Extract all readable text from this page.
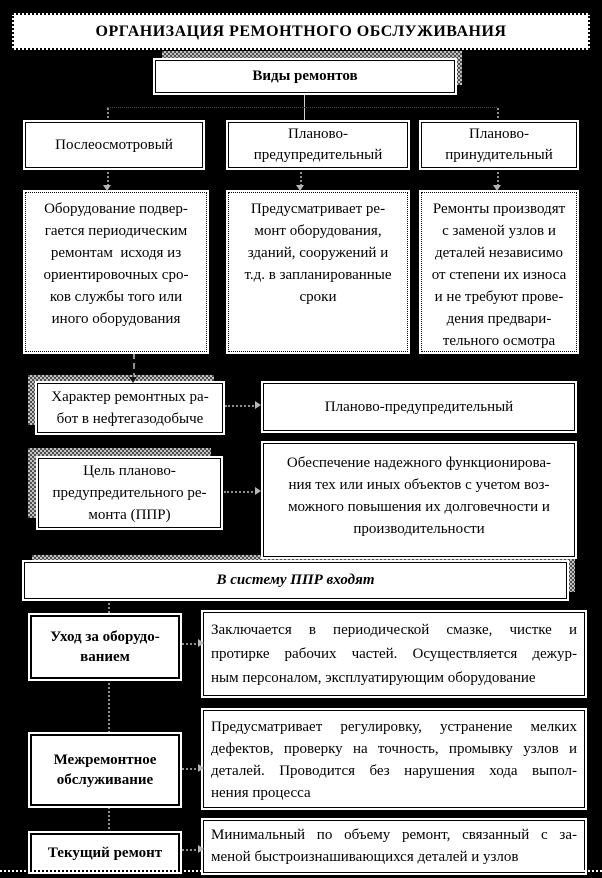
ОРГАНИЗАЦИЯ РЕМОНТНОГО ОБСЛУЖИВАНИЯ
Виды ремонтов
Послеосмотровый
Планово-
предупредительный
Планово-
принудительный
Оборудование подвер-
гается периодическим
ремонтам  исходя из
ориентировочных сро-
ков службы того или
иного оборудования
Предусматривает ре-
монт оборудования,
зданий, сооружений и
т.д. в запланированные
сроки
Ремонты производят
с заменой узлов и
деталей независимо
от степени их износа
и не требуют прове-
дения предвари-
тельного осмотра
Характер ремонтных ра-
бот в нефтегазодобыче
Планово-предупредительный
Цель планово-
предупредительного ре-
монта (ППР)
Обеспечение надежного функционирова-
ния тех или иных объектов с учетом воз-
можного повышения их долговечности и
производительности
В систему ППР входят
Уход за оборудо-
ванием
Заключается в периодической смазке, чистке и
протирке рабочих частей. Осуществляется дежур-
ным персоналом, эксплуатирующим оборудование
Межремонтное
обслуживание
Предусматривает регулировку, устранение мелких
дефектов, проверку на точность, промывку узлов и
деталей. Проводится без нарушения хода выпол-
нения процесса
Текущий ремонт
Минимальный по объему ремонт, связанный с за-
меной быстроизнашивающихся деталей и узлов
